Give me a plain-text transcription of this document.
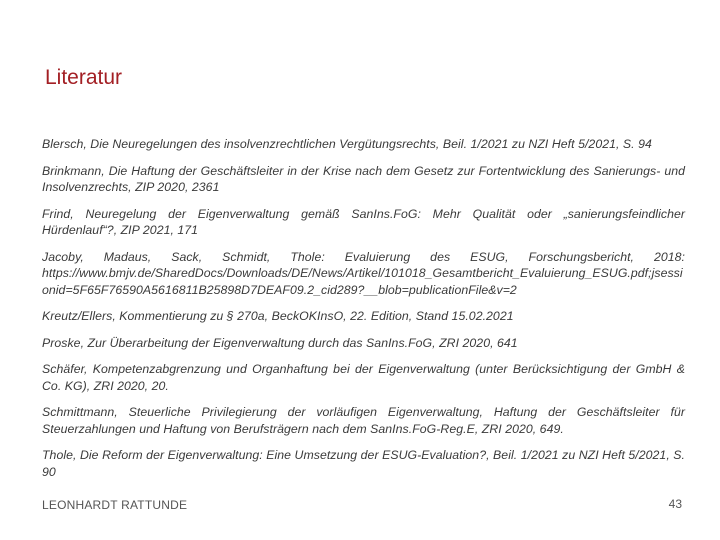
Literatur
Blersch, Die Neuregelungen des insolvenzrechtlichen Vergütungsrechts, Beil. 1/2021 zu NZI Heft 5/2021, S. 94
Brinkmann, Die Haftung der Geschäftsleiter in der Krise nach dem Gesetz zur Fortentwicklung des Sanierungs- und Insolvenzrechts, ZIP 2020, 2361
Frind, Neuregelung der Eigenverwaltung gemäß SanIns.FoG: Mehr Qualität oder „sanierungsfeindlicher Hürdenlauf“?, ZIP 2021, 171
Jacoby, Madaus, Sack, Schmidt, Thole: Evaluierung des ESUG, Forschungsbericht, 2018: https://www.bmjv.de/SharedDocs/Downloads/DE/News/Artikel/101018_Gesamtbericht_Evaluierung_ESUG.pdf;jsessionid=5F65F76590A5616811B25898D7DEAF09.2_cid289?__blob=publicationFile&v=2
Kreutz/Ellers, Kommentierung zu § 270a, BeckOKInsO, 22. Edition, Stand 15.02.2021
Proske, Zur Überarbeitung der Eigenverwaltung durch das SanIns.FoG, ZRI 2020, 641
Schäfer, Kompetenzabgrenzung und Organhaftung bei der Eigenverwaltung (unter Berücksichtigung der GmbH & Co. KG), ZRI 2020, 20.
Schmittmann, Steuerliche Privilegierung der vorläufigen Eigenverwaltung, Haftung der Geschäftsleiter für Steuerzahlungen und Haftung von Berufsträgern nach dem SanIns.FoG-Reg.E, ZRI 2020, 649.
Thole, Die Reform der Eigenverwaltung: Eine Umsetzung der ESUG-Evaluation?, Beil. 1/2021 zu NZI Heft 5/2021, S. 90
LEONHARDT RATTUNDE	43
